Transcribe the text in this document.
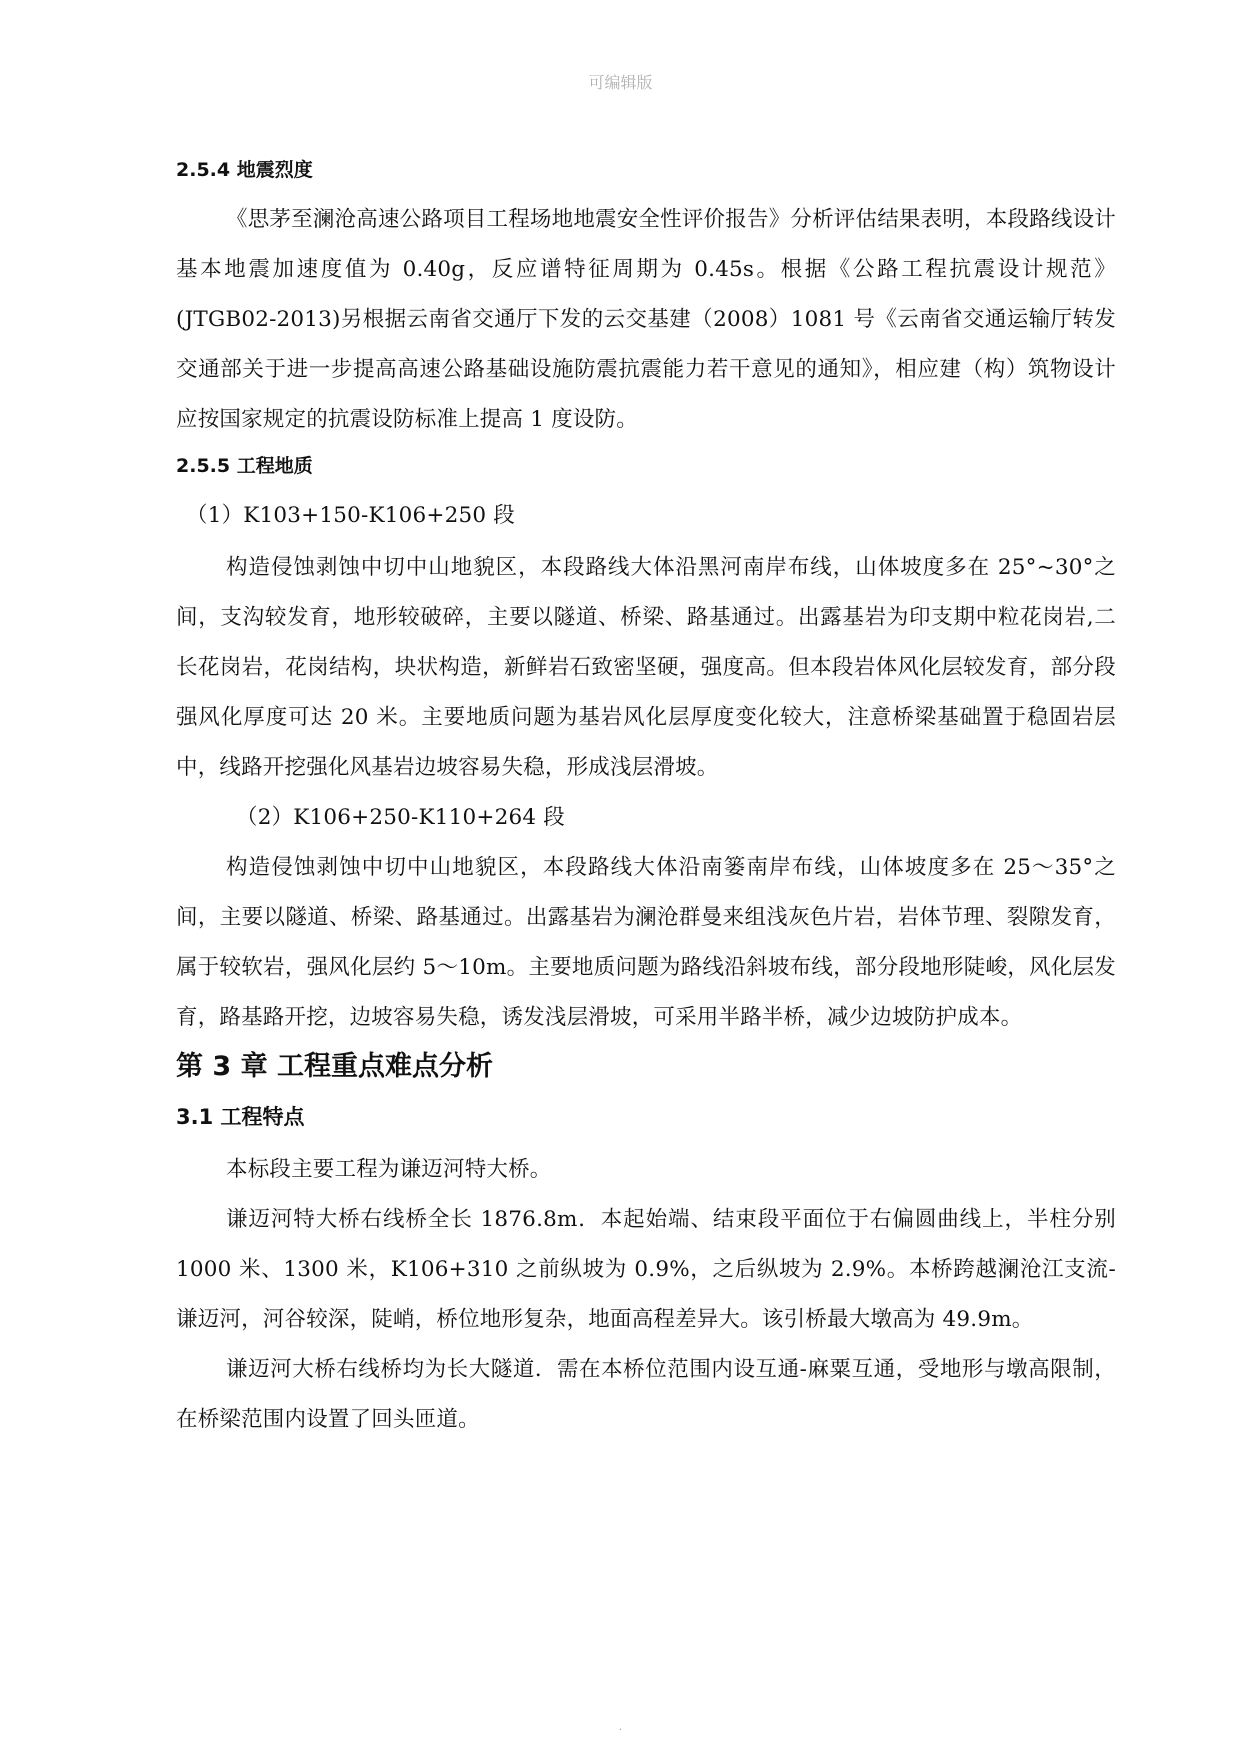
可编辑版
2.5.4 地震烈度

《思茅至澜沧高速公路项目工程场地地震安全性评价报告》分析评估结果表明，本段路线设计基本地震加速度值为 0.40g，反应谱特征周期为 0.45s。根据《公路工程抗震设计规范》(JTGB02-2013)另根据云南省交通厅下发的云交基建（2008）1081 号《云南省交通运输厅转发交通部关于进一步提高高速公路基础设施防震抗震能力若干意见的通知》，相应建（构）筑物设计应按国家规定的抗震设防标准上提高 1 度设防。

2.5.5 工程地质

（1）K103+150-K106+250 段

构造侵蚀剥蚀中切中山地貌区，本段路线大体沿黑河南岸布线，山体坡度多在 25°~30°之间，支沟较发育，地形较破碎，主要以隧道、桥梁、路基通过。出露基岩为印支期中粒花岗岩,二长花岗岩，花岗结构，块状构造，新鲜岩石致密坚硬，强度高。但本段岩体风化层较发育，部分段强风化厚度可达 20 米。主要地质问题为基岩风化层厚度变化较大，注意桥梁基础置于稳固岩层中，线路开挖强化风基岩边坡容易失稳，形成浅层滑坡。

（2）K106+250-K110+264 段

构造侵蚀剥蚀中切中山地貌区，本段路线大体沿南篓南岸布线，山体坡度多在 25～35°之间，主要以隧道、桥梁、路基通过。出露基岩为澜沧群曼来组浅灰色片岩，岩体节理、裂隙发育，属于较软岩，强风化层约 5～10m。主要地质问题为路线沿斜坡布线，部分段地形陡峻，风化层发育，路基路开挖，边坡容易失稳，诱发浅层滑坡，可采用半路半桥，减少边坡防护成本。

第 3 章 工程重点难点分析
3.1 工程特点

本标段主要工程为谦迈河特大桥。

谦迈河特大桥右线桥全长 1876.8m．本起始端、结束段平面位于右偏圆曲线上，半柱分别 1000 米、1300 米，K106+310 之前纵坡为 0.9%，之后纵坡为 2.9%。本桥跨越澜沧江支流-谦迈河，河谷较深，陡峭，桥位地形复杂，地面高程差异大。该引桥最大墩高为 49.9m。

谦迈河大桥右线桥均为长大隧道．需在本桥位范围内设互通-麻粟互通，受地形与墩高限制，在桥梁范围内设置了回头匝道。

.
